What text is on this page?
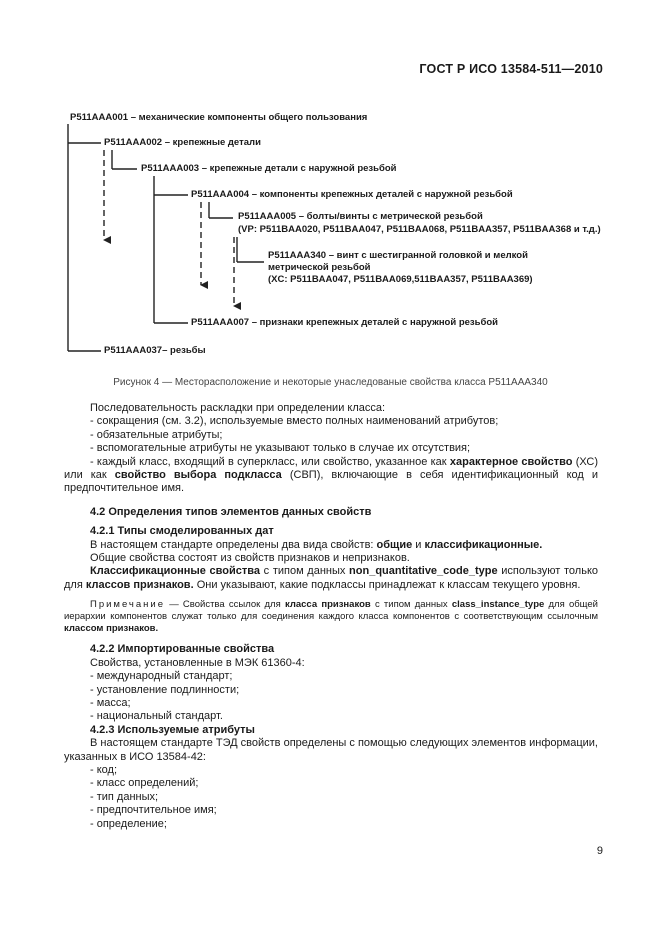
ГОСТ Р ИСО 13584-511—2010
P511AAA001 – механические компоненты общего пользования
P511AAA002 – крепежные детали
P511AAA003 – крепежные детали с наружной резьбой
P511AAA004 – компоненты крепежных деталей с наружной резьбой
P511AAA005 – болты/винты с метрической резьбой
(VP: P511BAA020, P511BAA047, P511BAA068, P511BAA357, P511BAA368 и т.д.)
P511AAA340 – винт с шестигранной головкой и мелкой
метрической резьбой
(XC: P511BAA047, P511BAA069,511BAA357, P511BAA369)
P511AAA007 – признаки крепежных деталей с наружной резьбой
P511AAA037– резьбы
Рисунок 4 — Месторасположение и некоторые унаследованые свойства класса P511AAA340

Последовательность раскладки при определении класса:

- сокращения (см. 3.2), используемые вместо полных наименований атрибутов;

- обязательные атрибуты;

- вспомогательные атрибуты не указывают только в случае их отсутствия;

- каждый класс, входящий в суперкласс, или свойство, указанное как характерное свойство (ХС) или как свойство выбора подкласса (СВП), включающие в себя идентификационный код и предпочтительное имя.

4.2 Определения типов элементов данных свойств

4.2.1 Типы смоделированных дат

В настоящем стандарте определены два вида свойств: общие и классификационные.

Общие свойства состоят из свойств признаков и непризнаков.

Классификационные свойства с типом данных non_quantitative_code_type используют только для классов признаков. Они указывают, какие подклассы принадлежат к классам текущего уровня.

Примечание — Свойства ссылок для класса признаков с типом данных class_instance_type для общей иерархии компонентов служат только для соединения каждого класса компонентов с соответствующим ссылочным классом признаков.

4.2.2 Импортированные свойства

Свойства, установленные в МЭК 61360-4:

- международный стандарт;

- установление подлинности;

- масса;

- национальный стандарт.

4.2.3 Используемые атрибуты

В настоящем стандарте ТЭД свойств определены с помощью следующих элементов информации, указанных в ИСО 13584-42:

- код;

- класс определений;

- тип данных;

- предпочтительное имя;

- определение;

9
